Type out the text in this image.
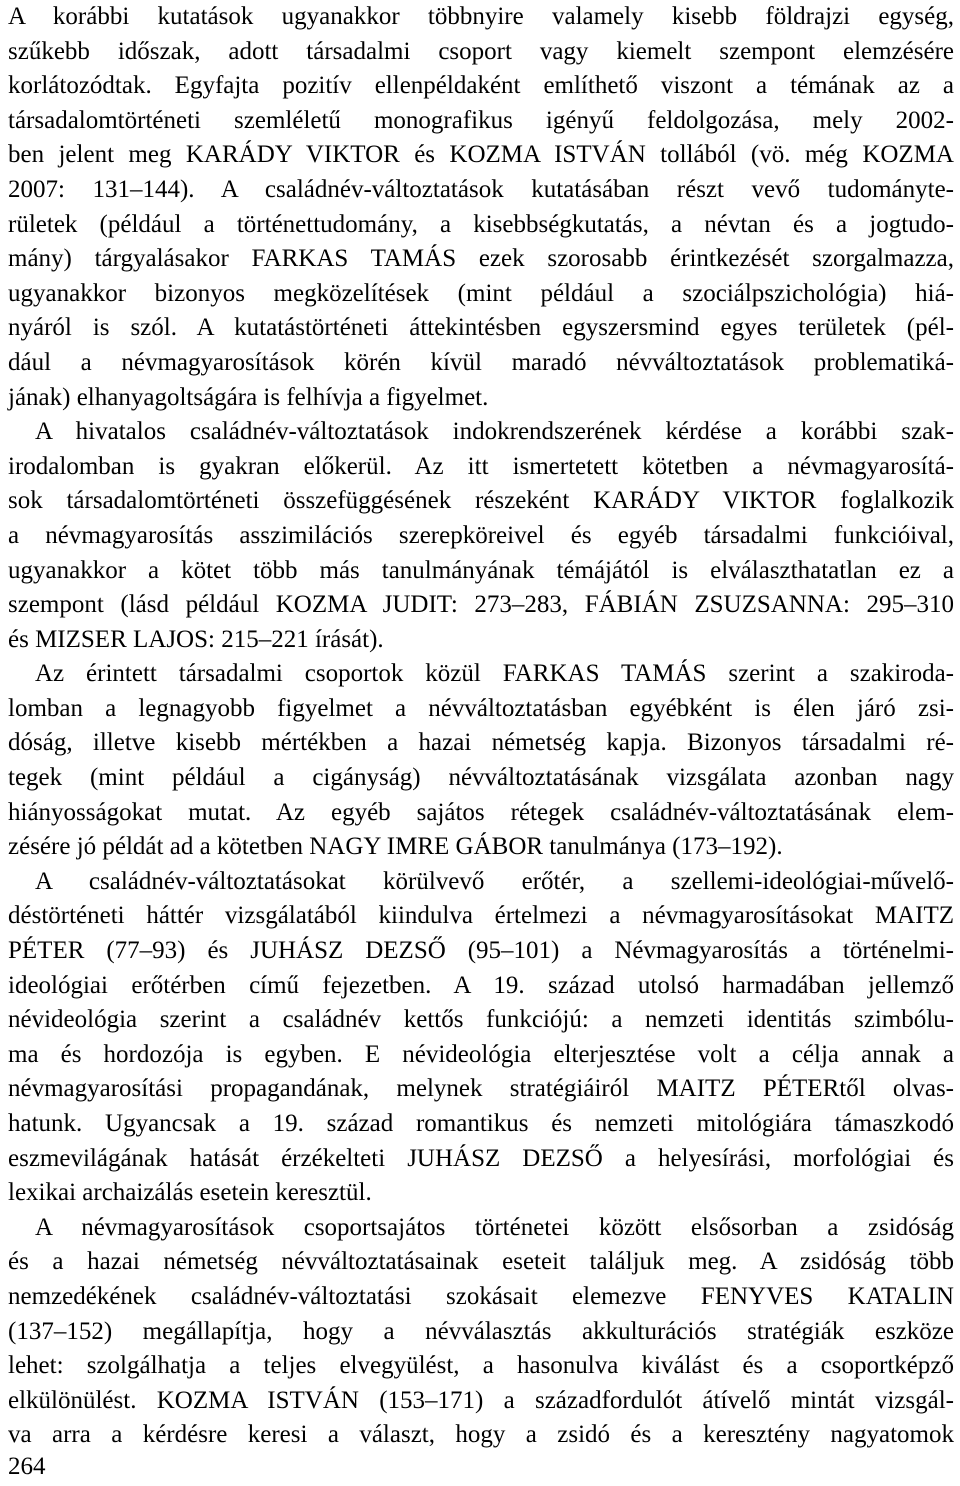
A korábbi kutatások ugyanakkor többnyire valamely kisebb földrajzi egység,
szűkebb időszak, adott társadalmi csoport vagy kiemelt szempont elemzésére
korlátozódtak. Egyfajta pozitív ellenpéldaként említhető viszont a témának az a
társadalomtörténeti szemléletű monografikus igényű feldolgozása, mely 2002-
ben jelent meg KARÁDY VIKTOR és KOZMA ISTVÁN tollából (vö. még KOZMA
2007: 131–144). A családnév-változtatások kutatásában részt vevő tudományte-
rületek (például a történettudomány, a kisebbségkutatás, a névtan és a jogtudo-
mány) tárgyalásakor FARKAS TAMÁS ezek szorosabb érintkezését szorgalmazza,
ugyanakkor bizonyos megközelítések (mint például a szociálpszichológia) hiá-
nyáról is szól. A kutatástörténeti áttekintésben egyszersmind egyes területek (pél-
dául a névmagyarosítások körén kívül maradó névváltoztatások problematiká-
jának) elhanyagoltságára is felhívja a figyelmet.
A hivatalos családnév-változtatások indokrendszerének kérdése a korábbi szak-
irodalomban is gyakran előkerül. Az itt ismertetett kötetben a névmagyarosítá-
sok társadalomtörténeti összefüggésének részeként KARÁDY VIKTOR foglalkozik
a névmagyarosítás asszimilációs szerepköreivel és egyéb társadalmi funkcióival,
ugyanakkor a kötet több más tanulmányának témájától is elválaszthatatlan ez a
szempont (lásd például KOZMA JUDIT: 273–283, FÁBIÁN ZSUZSANNA: 295–310
és MIZSER LAJOS: 215–221 írását).
Az érintett társadalmi csoportok közül FARKAS TAMÁS szerint a szakiroda-
lomban a legnagyobb figyelmet a névváltoztatásban egyébként is élen járó zsi-
dóság, illetve kisebb mértékben a hazai németség kapja. Bizonyos társadalmi ré-
tegek (mint például a cigányság) névváltoztatásának vizsgálata azonban nagy
hiányosságokat mutat. Az egyéb sajátos rétegek családnév-változtatásának elem-
zésére jó példát ad a kötetben NAGY IMRE GÁBOR tanulmánya (173–192).
A családnév-változtatásokat körülvevő erőtér, a szellemi-ideológiai-művelő-
déstörténeti háttér vizsgálatából kiindulva értelmezi a névmagyarosításokat MAITZ
PÉTER (77–93) és JUHÁSZ DEZSŐ (95–101) a Névmagyarosítás a történelmi-
ideológiai erőtérben című fejezetben. A 19. század utolsó harmadában jellemző
névideológia szerint a családnév kettős funkciójú: a nemzeti identitás szimbólu-
ma és hordozója is egyben. E névideológia elterjesztése volt a célja annak a
névmagyarosítási propagandának, melynek stratégiáiról MAITZ PÉTERtől olvas-
hatunk. Ugyancsak a 19. század romantikus és nemzeti mitológiára támaszkodó
eszmevilágának hatását érzékelteti JUHÁSZ DEZSŐ a helyesírási, morfológiai és
lexikai archaizálás esetein keresztül.
A névmagyarosítások csoportsajátos történetei között elsősorban a zsidóság
és a hazai németség névváltoztatásainak eseteit találjuk meg. A zsidóság több
nemzedékének családnév-változtatási szokásait elemezve FENYVES KATALIN
(137–152) megállapítja, hogy a névválasztás akkulturációs stratégiák eszköze
lehet: szolgálhatja a teljes elvegyülést, a hasonulva kiválást és a csoportképző
elkülönülést. KOZMA ISTVÁN (153–171) a századfordulót átívelő mintát vizsgál-
va arra a kérdésre keresi a választ, hogy a zsidó és a keresztény nagyatomok
264
